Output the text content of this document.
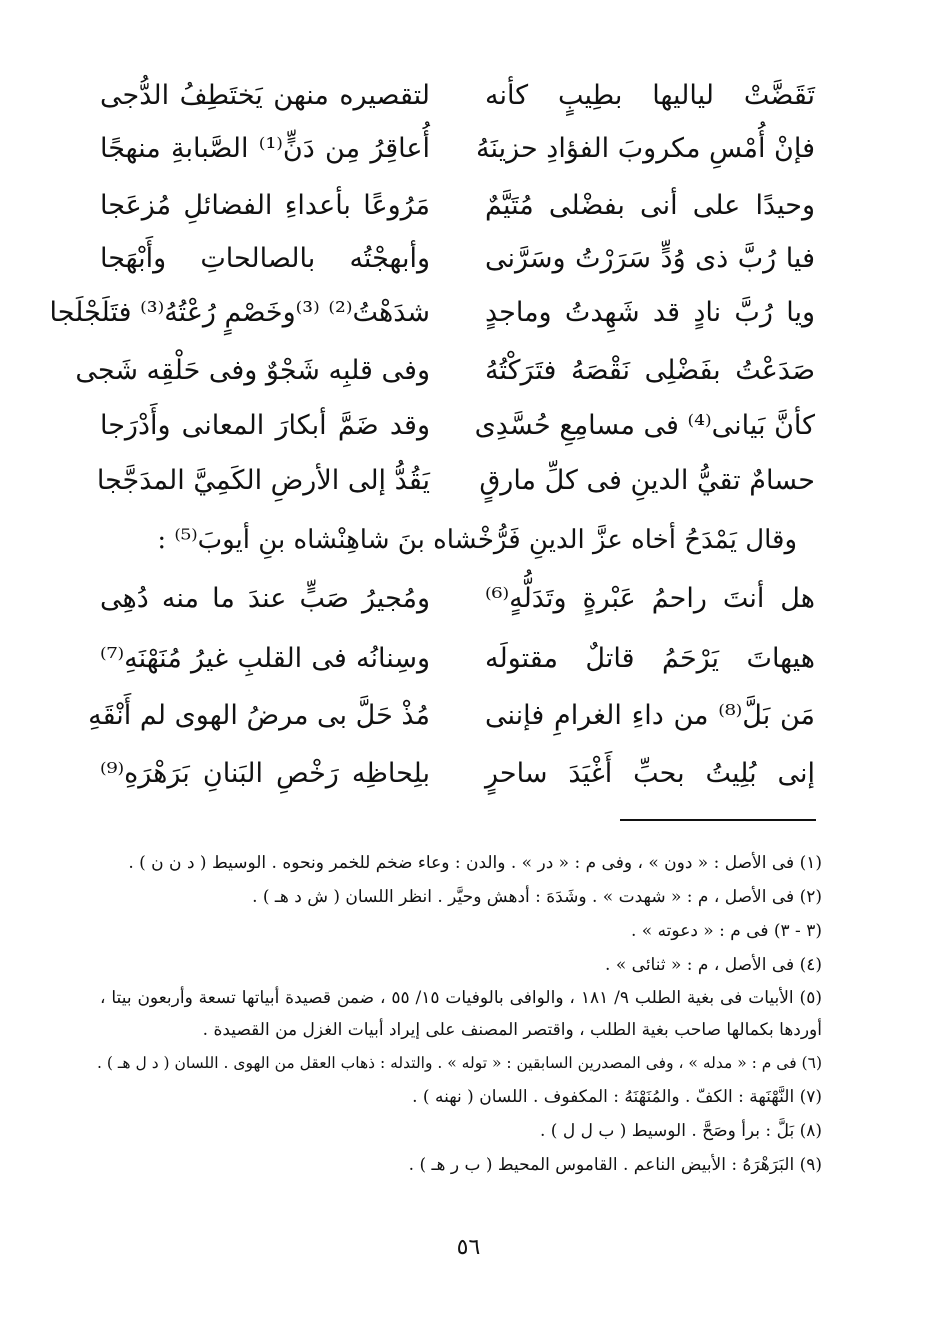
تَقَضَّتْ لياليها بطِيبٍ كأنه
لتقصيره منهن يَختَطِفُ الدُّجى
فإنْ أُمْسِ مكروبَ الفؤادِ حزينَهُ
أُعاقِرُ مِن دَنٍّ⁽¹⁾ الصَّبابةِ منهجًا
وحيدًا على أنى بفضْلى مُتَيَّمٌ
مَرُوعًا بأعداءِ الفضائلِ مُزعَجا
فيا رُبَّ ذى وُدٍّ سَرَرْتُ وسَرَّنى
وأبهجْتُه بالصالحاتِ وأَبْهَجا
ويا رُبَّ نادٍ قد شَهِدتُ وماجدٍ
شدَهْتُ⁽²⁾ ⁽³⁾وخَصْمٍ رُعْتُهُ⁽³⁾ فتَلَجْلَجا
صَدَعْتُ بفَضْلِى نَقْصَهُ فتَرَكْتُهُ
وفى قلبِه شَجْوٌ وفى حَلْقِه شَجى
كأنَّ بَيانى⁽⁴⁾ فى مسامِعِ حُسَّدِى
وقد ضَمَّ أبكارَ المعانى وأَدْرَجا
حسامٌ تقيُّ الدينِ فى كلِّ مارقٍ
يَقُدُّ إلى الأرضِ الكَمِيَّ المدَجَّجا
وقال يَمْدَحُ أخاه عزَّ الدينِ فَرُّخْشاه بنَ شاهِنْشاه بنِ أيوبَ⁽⁵⁾ :
هل أنتَ راحمُ عَبْرةٍ وتَدَلُّهٍ⁽⁶⁾
ومُجيرُ صَبٍّ عندَ ما منه دُهِى
هيهاتَ يَرْحَمُ قاتلٌ مقتولَه
وسِنانُه فى القلبِ غيرُ مُنَهْنَهِ⁽⁷⁾
مَن بَلَّ⁽⁸⁾ من داءِ الغرامِ فإننى
مُذْ حَلَّ بى مرضُ الهوى لم أَنْقَهِ
إنى بُلِيتُ بحبِّ أَغْيَدَ ساحرٍ
بلِحاظِه رَخْصِ البَنانِ بَرَهْرَهِ⁽⁹⁾
(١) فى الأصل : « دون » ، وفى م : « در » . والدن : وعاء ضخم للخمر ونحوه . الوسيط ( د ن ن ) .
(٢) فى الأصل ، م : « شهدت » . وشَدَهَ : أدهش وحيَّر . انظر اللسان ( ش د هـ ) .
(٣ - ٣) فى م : « دعوته » .
(٤) فى الأصل ، م : « ثنائى » .
(٥) الأبيات فى بغية الطلب ٩/ ١٨١ ، والوافى بالوفيات ١٥/ ٥٥ ، ضمن قصيدة أبياتها تسعة وأربعون بيتا ، أوردها بكمالها صاحب بغية الطلب ، واقتصر المصنف على إيراد أبيات الغزل من القصيدة .
(٦) فى م : « مدله » ، وفى المصدرين السابقين : « توله » . والتدله : ذهاب العقل من الهوى . اللسان ( د ل هـ ) .
(٧) النَّهْنَهة : الكفّ . والمُنَهْنَهُ : المكفوف . اللسان ( نهنه ) .
(٨) بَلَّ : برأ وصَحَّ . الوسيط ( ب ل ل ) .
(٩) البَرَهْرَهُ : الأبيض الناعم . القاموس المحيط ( ب ر هـ ) .
٥٦
